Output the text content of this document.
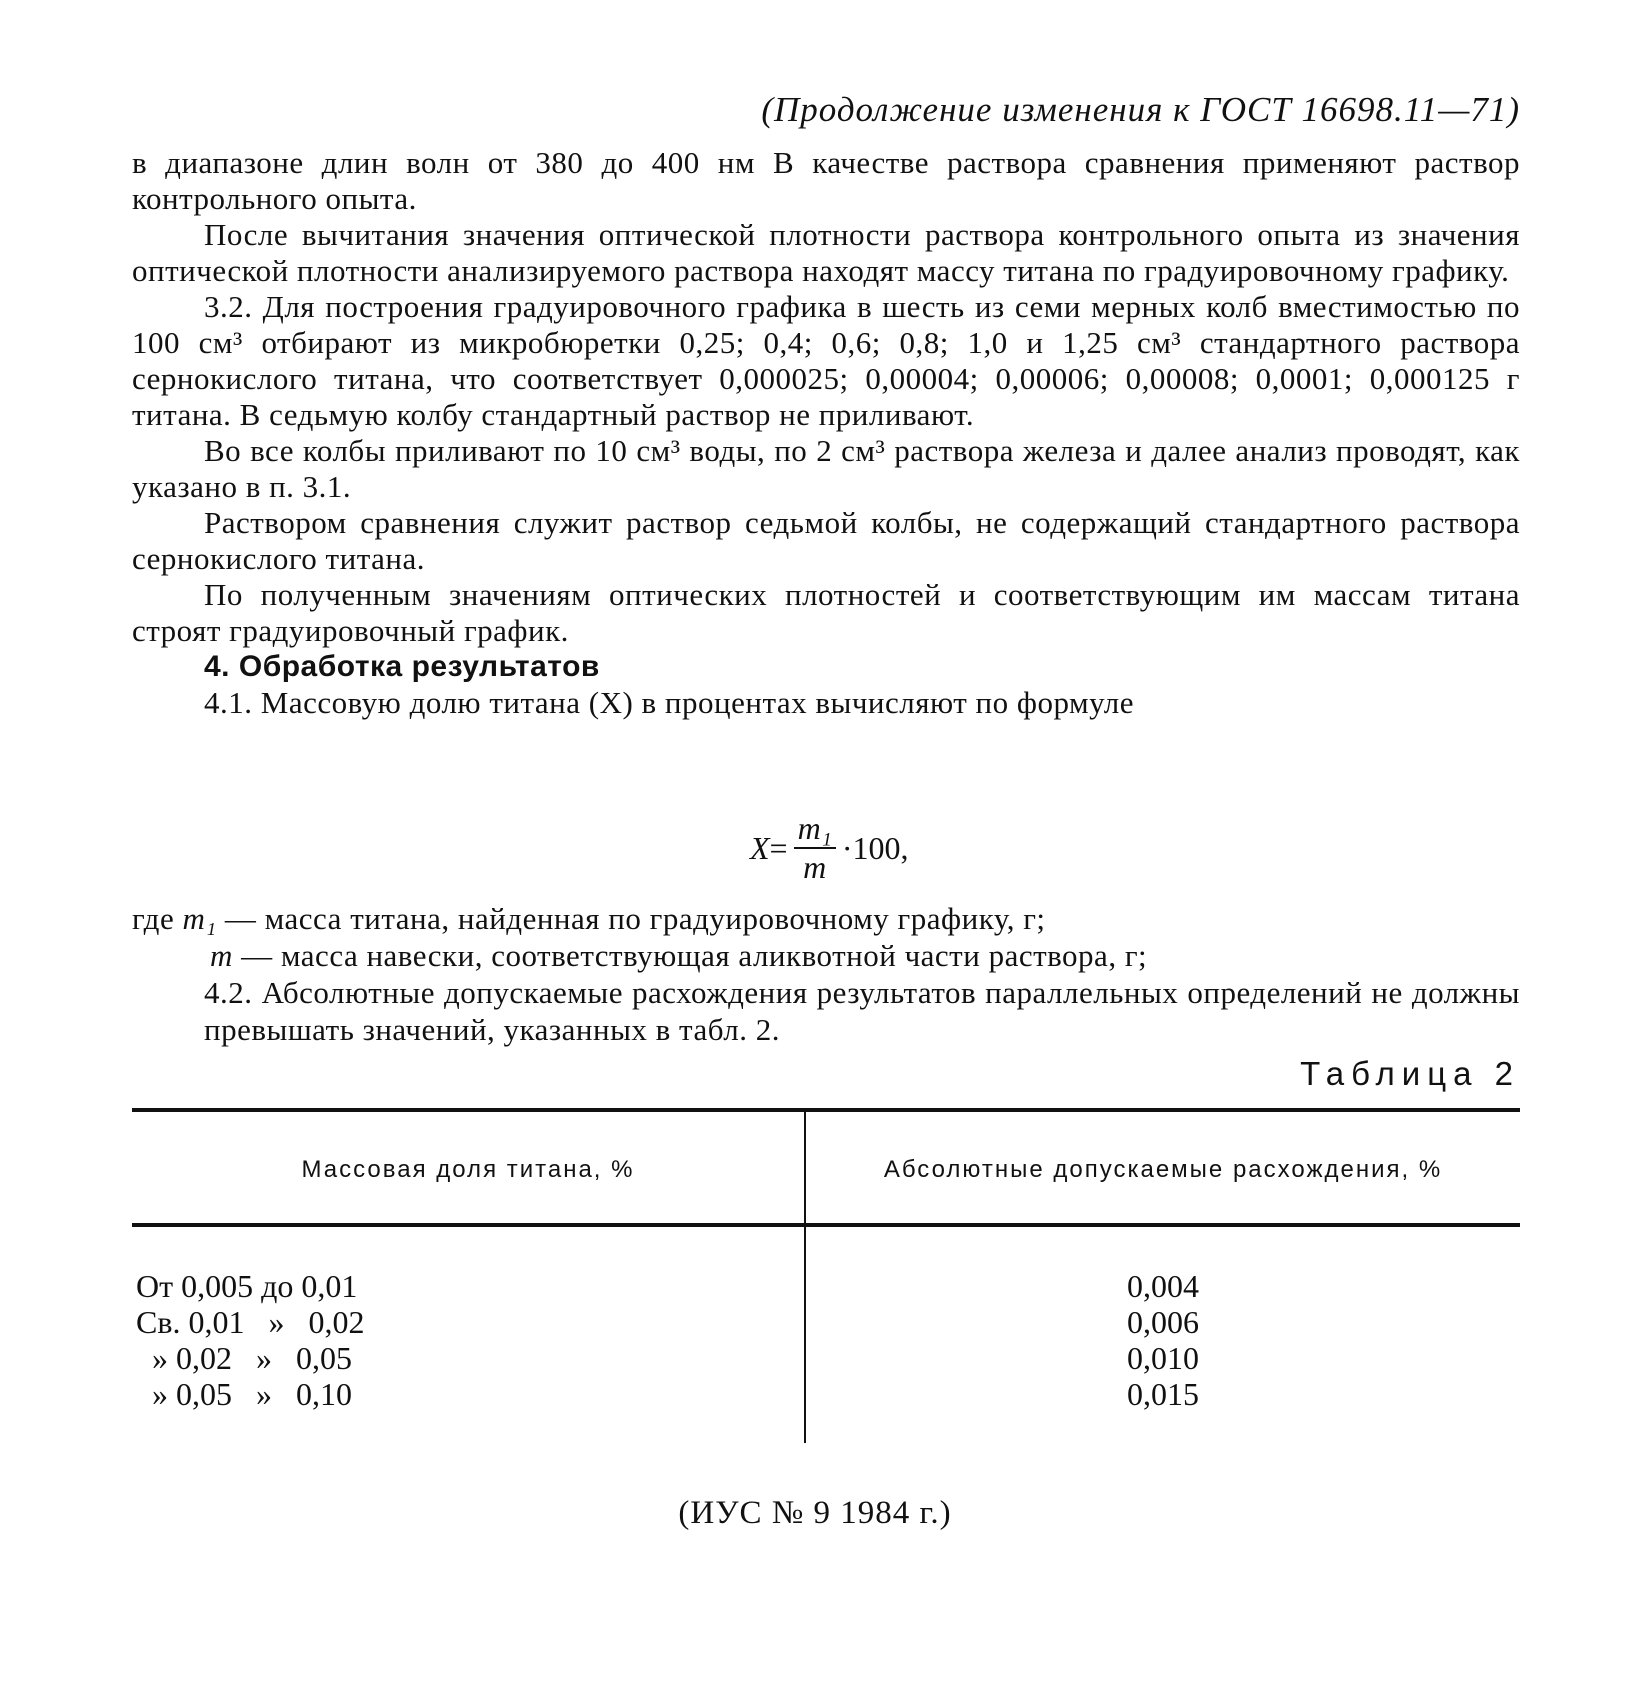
(Продолжение изменения к ГОСТ 16698.11—71)

в диапазоне длин волн от 380 до 400 нм В качестве раствора сравнения применяют раствор контрольного опыта.

После вычитания значения оптической плотности раствора контрольного опыта из значения оптической плотности анализируемого раствора находят массу титана по градуировочному графику.

3.2. Для построения градуировочного графика в шесть из семи мерных колб вместимостью по 100 см³ отбирают из микробюретки 0,25; 0,4; 0,6; 0,8; 1,0 и 1,25 см³ стандартного раствора сернокислого титана, что соответствует 0,000025; 0,00004; 0,00006; 0,00008; 0,0001; 0,000125 г титана. В седьмую колбу стандартный раствор не приливают.

Во все колбы приливают по 10 см³ воды, по 2 см³ раствора железа и далее анализ проводят, как указано в п. 3.1.

Раствором сравнения служит раствор седьмой колбы, не содержащий стандартного раствора сернокислого титана.

По полученным значениям оптических плотностей и соответствующим им массам титана строят градуировочный график.

4. Обработка результатов

4.1. Массовую долю титана (X) в процентах вычисляют по формуле

$X = \frac{\text{m₁}}{m} \cdot 100$,

где m₁ — масса титана, найденная по градуировочному графику, г;

m — масса навески, соответствующая аликвотной части раствора, г;

4.2. Абсолютные допускаемые расхождения результатов параллельных определений не должны превышать значений, указанных в табл. 2.

Таблица 2
Массовая доля титана, %	Абсолютные допускаемые расхождения, %
От 0,005 до 0,01	0,004
Св. 0,01   »   0,02	0,006
» 0,02   »   0,05	0,010
» 0,05   »   0,10	0,015
(ИУС № 9 1984 г.)
